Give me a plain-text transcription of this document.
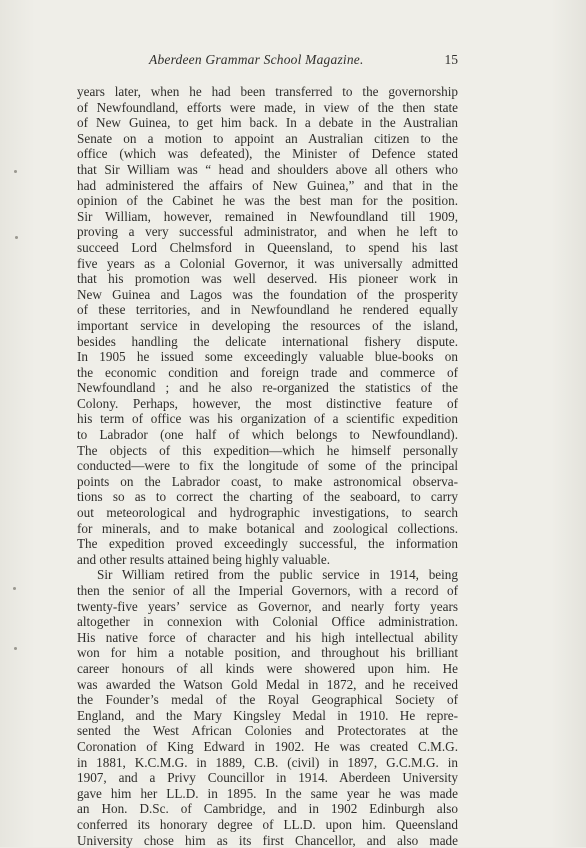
Aberdeen Grammar School Magazine.	15
years later, when he had been transferred to the governorship
of Newfoundland, efforts were made, in view of the then state
of New Guinea, to get him back. In a debate in the Australian
Senate on a motion to appoint an Australian citizen to the
office (which was defeated), the Minister of Defence stated
that Sir William was “ head and shoulders above all others who
had administered the affairs of New Guinea,” and that in the
opinion of the Cabinet he was the best man for the position.
Sir William, however, remained in Newfoundland till 1909,
proving a very successful administrator, and when he left to
succeed Lord Chelmsford in Queensland, to spend his last
five years as a Colonial Governor, it was universally admitted
that his promotion was well deserved. His pioneer work in
New Guinea and Lagos was the foundation of the prosperity
of these territories, and in Newfoundland he rendered equally
important service in developing the resources of the island,
besides handling the delicate international fishery dispute.
In 1905 he issued some exceedingly valuable blue-books on
the economic condition and foreign trade and commerce of
Newfoundland ; and he also re-organized the statistics of the
Colony. Perhaps, however, the most distinctive feature of
his term of office was his organization of a scientific expedition
to Labrador (one half of which belongs to Newfoundland).
The objects of this expedition—which he himself personally
conducted—were to fix the longitude of some of the principal
points on the Labrador coast, to make astronomical observa-
tions so as to correct the charting of the seaboard, to carry
out meteorological and hydrographic investigations, to search
for minerals, and to make botanical and zoological collections.
The expedition proved exceedingly successful, the information
and other results attained being highly valuable.
Sir William retired from the public service in 1914, being
then the senior of all the Imperial Governors, with a record of
twenty-five years’ service as Governor, and nearly forty years
altogether in connexion with Colonial Office administration.
His native force of character and his high intellectual ability
won for him a notable position, and throughout his brilliant
career honours of all kinds were showered upon him. He
was awarded the Watson Gold Medal in 1872, and he received
the Founder’s medal of the Royal Geographical Society of
England, and the Mary Kingsley Medal in 1910. He repre-
sented the West African Colonies and Protectorates at the
Coronation of King Edward in 1902. He was created C.M.G.
in 1881, K.C.M.G. in 1889, C.B. (civil) in 1897, G.C.M.G. in
1907, and a Privy Councillor in 1914. Aberdeen University
gave him her LL.D. in 1895. In the same year he was made
an Hon. D.Sc. of Cambridge, and in 1902 Edinburgh also
conferred its honorary degree of LL.D. upon him. Queensland
University chose him as its first Chancellor, and also made
